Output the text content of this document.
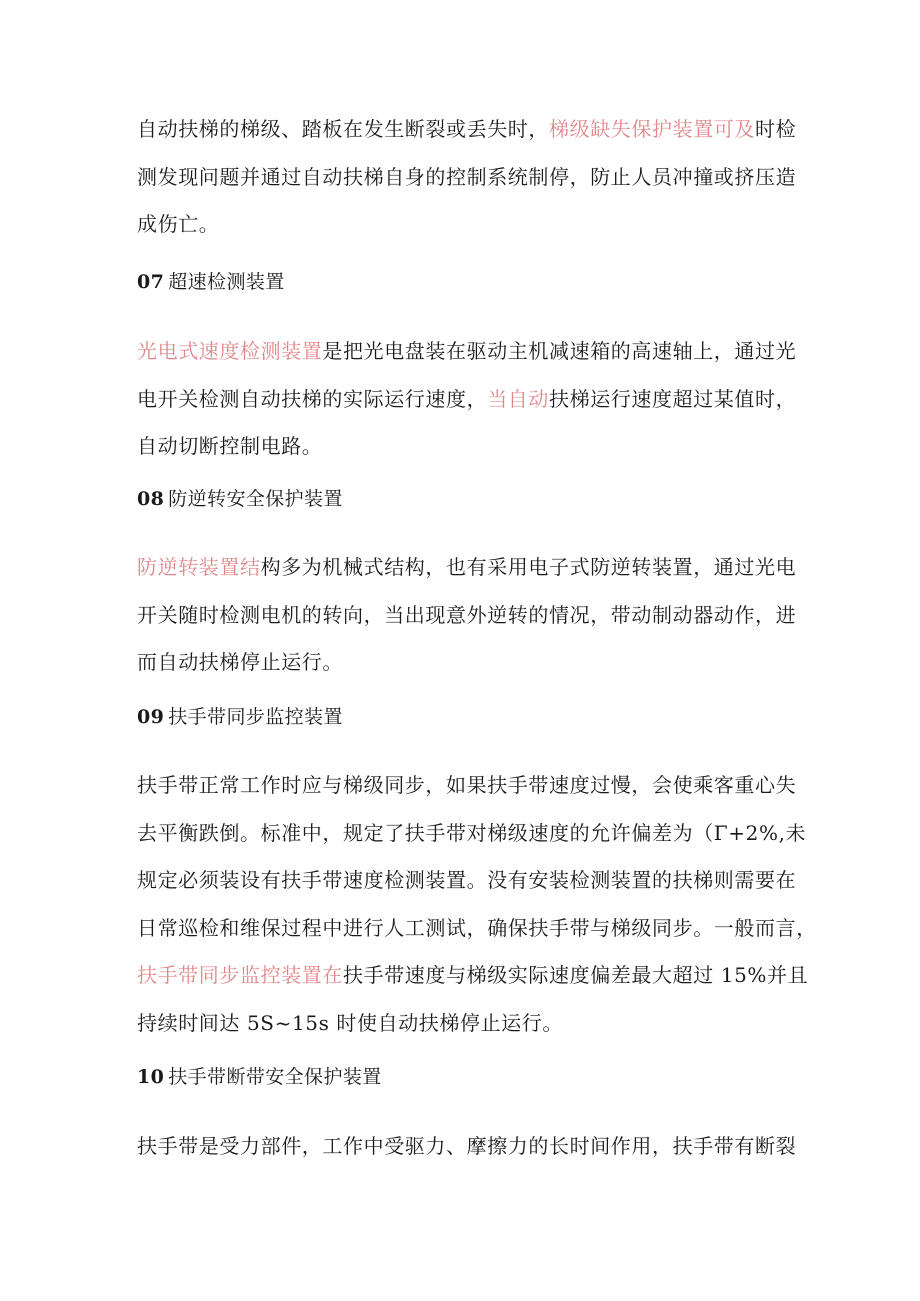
自动扶梯的梯级、踏板在发生断裂或丢失时，梯级缺失保护装置可及时检
测发现问题并通过自动扶梯自身的控制系统制停，防止人员冲撞或挤压造
成伤亡。

07 超速检测装置

光电式速度检测装置是把光电盘装在驱动主机减速箱的高速轴上，通过光
电开关检测自动扶梯的实际运行速度，当自动扶梯运行速度超过某值时，
自动切断控制电路。

08 防逆转安全保护装置

防逆转装置结构多为机械式结构，也有采用电子式防逆转装置，通过光电
开关随时检测电机的转向，当出现意外逆转的情况，带动制动器动作，进
而自动扶梯停止运行。

09 扶手带同步监控装置

扶手带正常工作时应与梯级同步，如果扶手带速度过慢，会使乘客重心失
去平衡跌倒。标准中，规定了扶手带对梯级速度的允许偏差为（Γ+2%,未
规定必须装设有扶手带速度检测装置。没有安装检测装置的扶梯则需要在
日常巡检和维保过程中进行人工测试，确保扶手带与梯级同步。一般而言，
扶手带同步监控装置在扶手带速度与梯级实际速度偏差最大超过 15%并且
持续时间达 5S~15s 时使自动扶梯停止运行。

10 扶手带断带安全保护装置

扶手带是受力部件，工作中受驱力、摩擦力的长时间作用，扶手带有断裂
